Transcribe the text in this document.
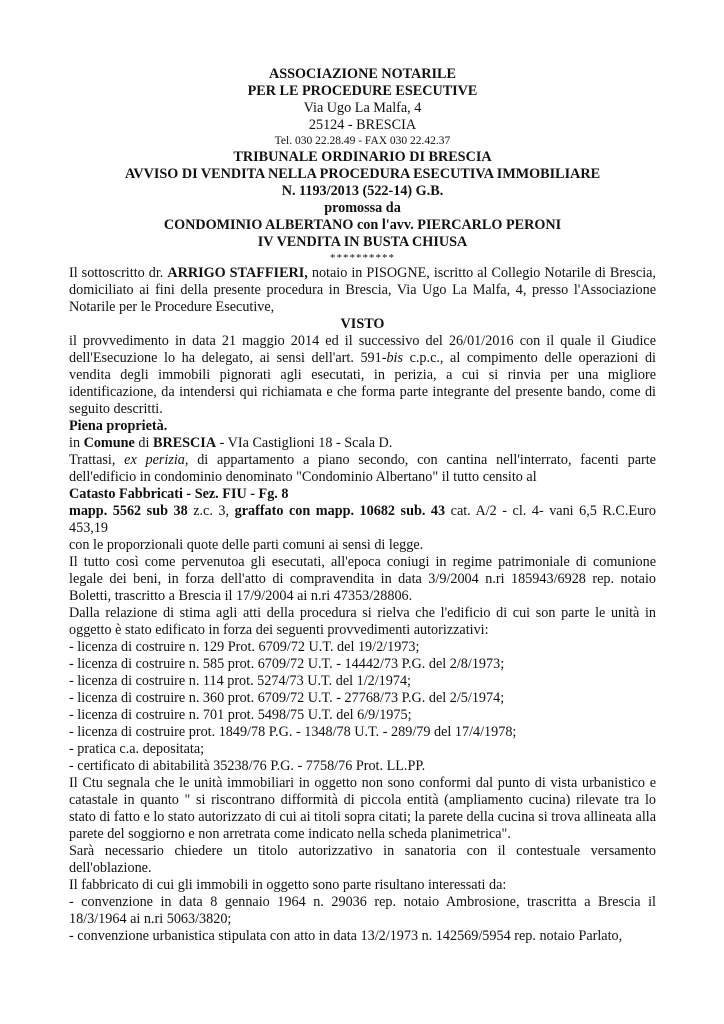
ASSOCIAZIONE NOTARILE
PER LE PROCEDURE ESECUTIVE
Via Ugo La Malfa, 4
25124 - BRESCIA
Tel. 030 22.28.49 - FAX 030 22.42.37
TRIBUNALE ORDINARIO DI BRESCIA
AVVISO DI VENDITA NELLA PROCEDURA ESECUTIVA IMMOBILIARE
N. 1193/2013 (522-14) G.B.
promossa da
CONDOMINIO ALBERTANO con l'avv. PIERCARLO PERONI
IV VENDITA IN BUSTA CHIUSA
**********

Il sottoscritto dr. ARRIGO STAFFIERI, notaio in PISOGNE, iscritto al Collegio Notarile di Brescia, domiciliato ai fini della presente procedura in Brescia, Via Ugo La Malfa, 4, presso l'Associazione Notarile per le Procedure Esecutive,

VISTO

il provvedimento in data 21 maggio 2014 ed il successivo del 26/01/2016 con il quale il Giudice dell'Esecuzione lo ha delegato, ai sensi dell'art. 591-bis c.p.c., al compimento delle operazioni di vendita degli immobili pignorati agli esecutati, in perizia, a cui si rinvia per una migliore identificazione, da intendersi qui richiamata e che forma parte integrante del presente bando, come di seguito descritti.

Piena proprietà.

in Comune di BRESCIA - VIa Castiglioni 18 - Scala D.

Trattasi, ex perizia, di appartamento a piano secondo, con cantina nell'interrato, facenti parte dell'edificio in condominio denominato "Condominio Albertano" il tutto censito al

Catasto Fabbricati - Sez. FIU - Fg. 8

mapp. 5562 sub 38 z.c. 3, graffato con mapp. 10682 sub. 43 cat. A/2 - cl. 4- vani 6,5 R.C.Euro 453,19

con le proporzionali quote delle parti comuni ai sensi di legge.

Il tutto così come pervenutoa gli esecutati, all'epoca coniugi in regime patrimoniale di comunione legale dei beni, in forza dell'atto di compravendita in data 3/9/2004 n.ri 185943/6928 rep. notaio Boletti, trascritto a Brescia il 17/9/2004 ai n.ri 47353/28806.

Dalla relazione di stima agli atti della procedura si rielva che l'edificio di cui son parte le unità in oggetto è stato edificato in forza dei seguenti provvedimenti autorizzativi:

- licenza di costruire n. 129 Prot. 6709/72 U.T. del 19/2/1973;
- licenza di costruire n. 585 prot. 6709/72 U.T. - 14442/73 P.G. del 2/8/1973;
- licenza di costruire n. 114 prot. 5274/73 U.T. del 1/2/1974;
- licenza di costruire n. 360 prot. 6709/72 U.T. - 27768/73 P.G. del 2/5/1974;
- licenza di costruire n. 701 prot. 5498/75 U.T. del 6/9/1975;
- licenza di costruire prot. 1849/78 P.G. - 1348/78 U.T. - 289/79 del 17/4/1978;
- pratica c.a. depositata;
- certificato di abitabilità 35238/76 P.G. - 7758/76 Prot. LL.PP.

Il Ctu segnala che le unità immobiliari in oggetto non sono conformi dal punto di vista urbanistico e catastale in quanto " si riscontrano difformità di piccola entità (ampliamento cucina) rilevate tra lo stato di fatto e lo stato autorizzato di cui ai titoli sopra citati; la parete della cucina si trova allineata alla parete del soggiorno e non arretrata come indicato nella scheda planimetrica".

Sarà necessario chiedere un titolo autorizzativo in sanatoria con il contestuale versamento dell'oblazione.

Il fabbricato di cui gli immobili in oggetto sono parte risultano interessati da:

- convenzione in data 8 gennaio 1964 n. 29036 rep. notaio Ambrosione, trascritta a Brescia il 18/3/1964 ai n.ri 5063/3820;

- convenzione urbanistica stipulata con atto in data 13/2/1973 n. 142569/5954 rep. notaio Parlato,
